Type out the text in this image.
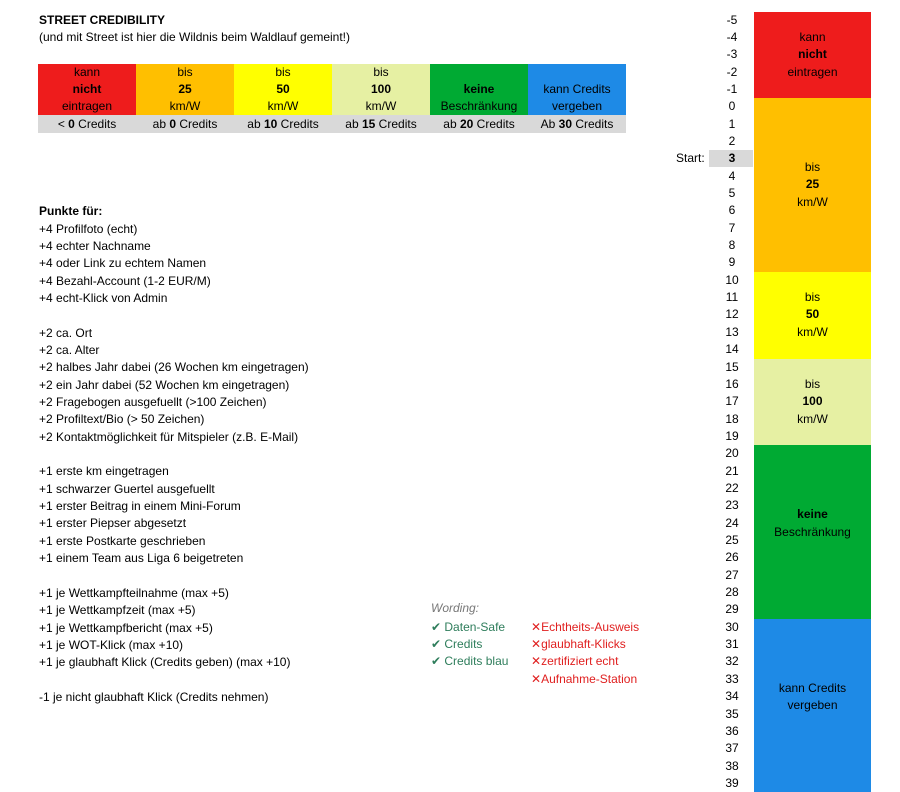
STREET CREDIBILITY
(und mit Street ist hier die Wildnis beim Waldlauf gemeint!)
kann
nicht
eintragen
< 0 Credits
bis
25
km/W
ab 0 Credits
bis
50
km/W
ab 10 Credits
bis
100
km/W
ab 15 Credits
keine
Beschränkung
ab 20 Credits
kann Credits
vergeben
Ab 30 Credits
Punkte für:
+4 Profilfoto (echt)
+4 echter Nachname
+4 oder Link zu echtem Namen
+4 Bezahl-Account (1-2 EUR/M)
+4 echt-Klick von Admin
+2 ca. Ort
+2 ca. Alter
+2 halbes Jahr dabei (26 Wochen km eingetragen)
+2 ein Jahr dabei (52 Wochen km eingetragen)
+2 Fragebogen ausgefuellt (>100 Zeichen)
+2 Profiltext/Bio (> 50 Zeichen)
+2 Kontaktmöglichkeit für Mitspieler (z.B. E-Mail)
+1 erste km eingetragen
+1 schwarzer Guertel ausgefuellt
+1 erster Beitrag in einem Mini-Forum
+1 erster Piepser abgesetzt
+1 erste Postkarte geschrieben
+1 einem Team aus Liga 6 beigetreten
+1 je Wettkampfteilnahme (max +5)
+1 je Wettkampfzeit (max +5)
+1 je Wettkampfbericht (max +5)
+1 je WOT-Klick (max +10)
+1 je glaubhaft Klick (Credits geben) (max +10)
-1 je nicht glaubhaft Klick (Credits nehmen)
Wording:
✔ Daten-Safe
✔ Credits
✔ Credits blau
✕Echtheits-Ausweis
✕glaubhaft-Klicks
✕zertifiziert echt
✕Aufnahme-Station
Start:
-5
-4
-3
-2
-1
0
1
2
3
4
5
6
7
8
9
10
11
12
13
14
15
16
17
18
19
20
21
22
23
24
25
26
27
28
29
30
31
32
33
34
35
36
37
38
39
kann
nicht
eintragen
bis
25
km/W
bis
50
km/W
bis
100
km/W
keine
Beschränkung
kann Credits
vergeben
